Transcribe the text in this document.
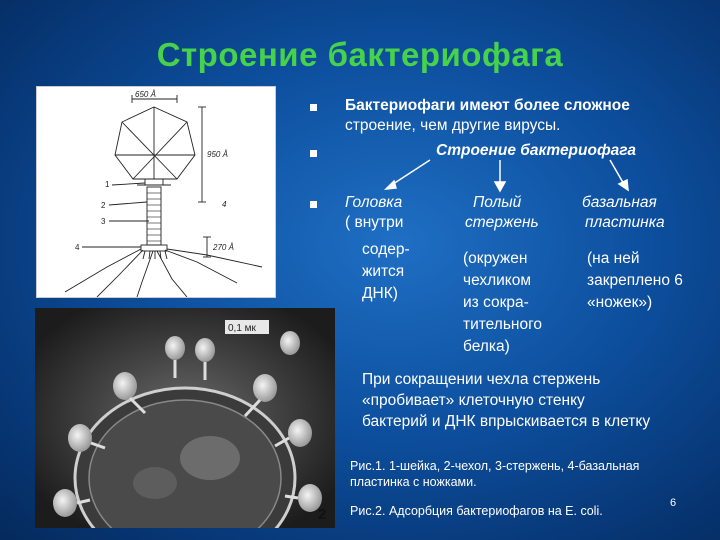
Строение бактериофага
650 Å
950 Å
270 Å
1
2
3
4
4
1
0,1 мк
2
Бактериофаги имеют более сложное
строение, чем другие вирусы.
Строение бактериофага
Головка
( внутри
содер-
жится
ДНК)
Полый
стержень
(окружен
чехликом
из сокра-
тительного
белка)
базальная
пластинка
(на ней
закреплено 6
«ножек»)
При сокращении чехла стержень
«пробивает» клеточную стенку
бактерий и ДНК впрыскивается в клетку
Рис.1. 1-шейка, 2-чехол, 3-стержень, 4-базальная
пластинка с ножками.
Рис.2. Адсорбция бактериофагов на E. coli.
6
